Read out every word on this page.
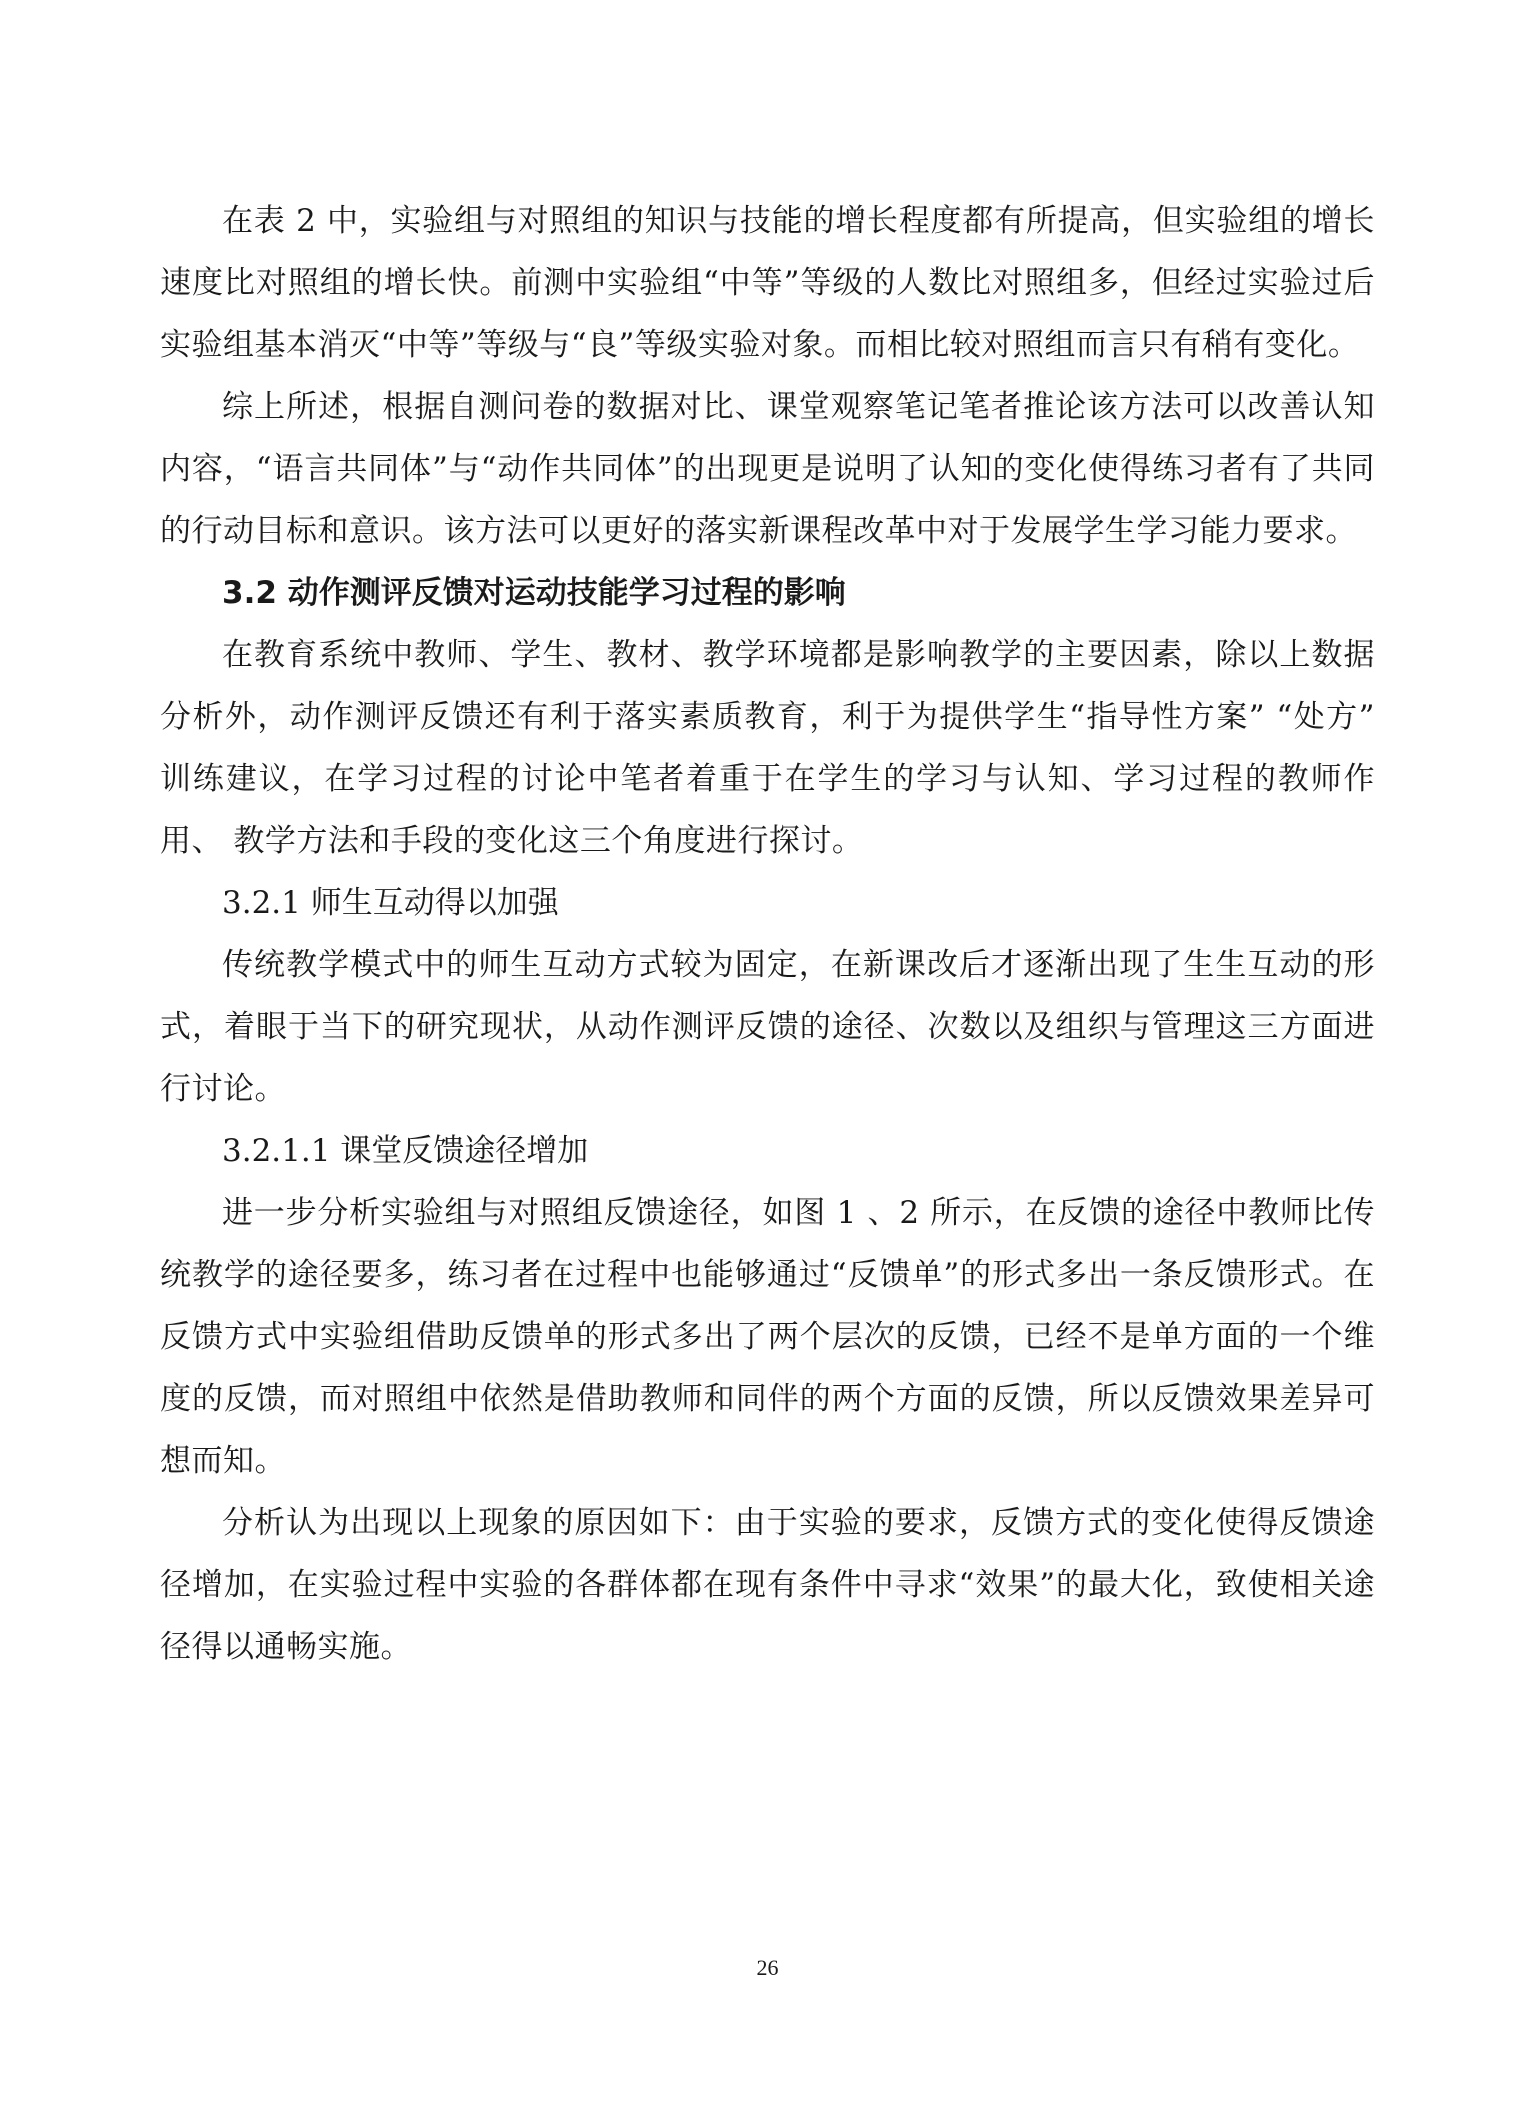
在表 2 中，实验组与对照组的知识与技能的增长程度都有所提高，但实验组的增长速度比对照组的增长快。前测中实验组“中等”等级的人数比对照组多，但经过实验过后实验组基本消灭“中等”等级与“良”等级实验对象。而相比较对照组而言只有稍有变化。

综上所述，根据自测问卷的数据对比、课堂观察笔记笔者推论该方法可以改善认知内容，“语言共同体”与“动作共同体”的出现更是说明了认知的变化使得练习者有了共同的行动目标和意识。该方法可以更好的落实新课程改革中对于发展学生学习能力要求。

3.2 动作测评反馈对运动技能学习过程的影响

在教育系统中教师、学生、教材、教学环境都是影响教学的主要因素，除以上数据 分析外，动作测评反馈还有利于落实素质教育，利于为提供学生“指导性方案” “处方” 训练建议，在学习过程的讨论中笔者着重于在学生的学习与认知、学习过程的教师作用、 教学方法和手段的变化这三个角度进行探讨。

3.2.1 师生互动得以加强

传统教学模式中的师生互动方式较为固定，在新课改后才逐渐出现了生生互动的形式，着眼于当下的研究现状，从动作测评反馈的途径、次数以及组织与管理这三方面进行讨论。

3.2.1.1 课堂反馈途径增加

进一步分析实验组与对照组反馈途径，如图 1 、2 所示，在反馈的途径中教师比传统教学的途径要多，练习者在过程中也能够通过“反馈单”的形式多出一条反馈形式。在反馈方式中实验组借助反馈单的形式多出了两个层次的反馈，已经不是单方面的一个维度的反馈，而对照组中依然是借助教师和同伴的两个方面的反馈，所以反馈效果差异可想而知。

分析认为出现以上现象的原因如下：由于实验的要求，反馈方式的变化使得反馈途径增加，在实验过程中实验的各群体都在现有条件中寻求“效果”的最大化，致使相关途径得以通畅实施。

26
